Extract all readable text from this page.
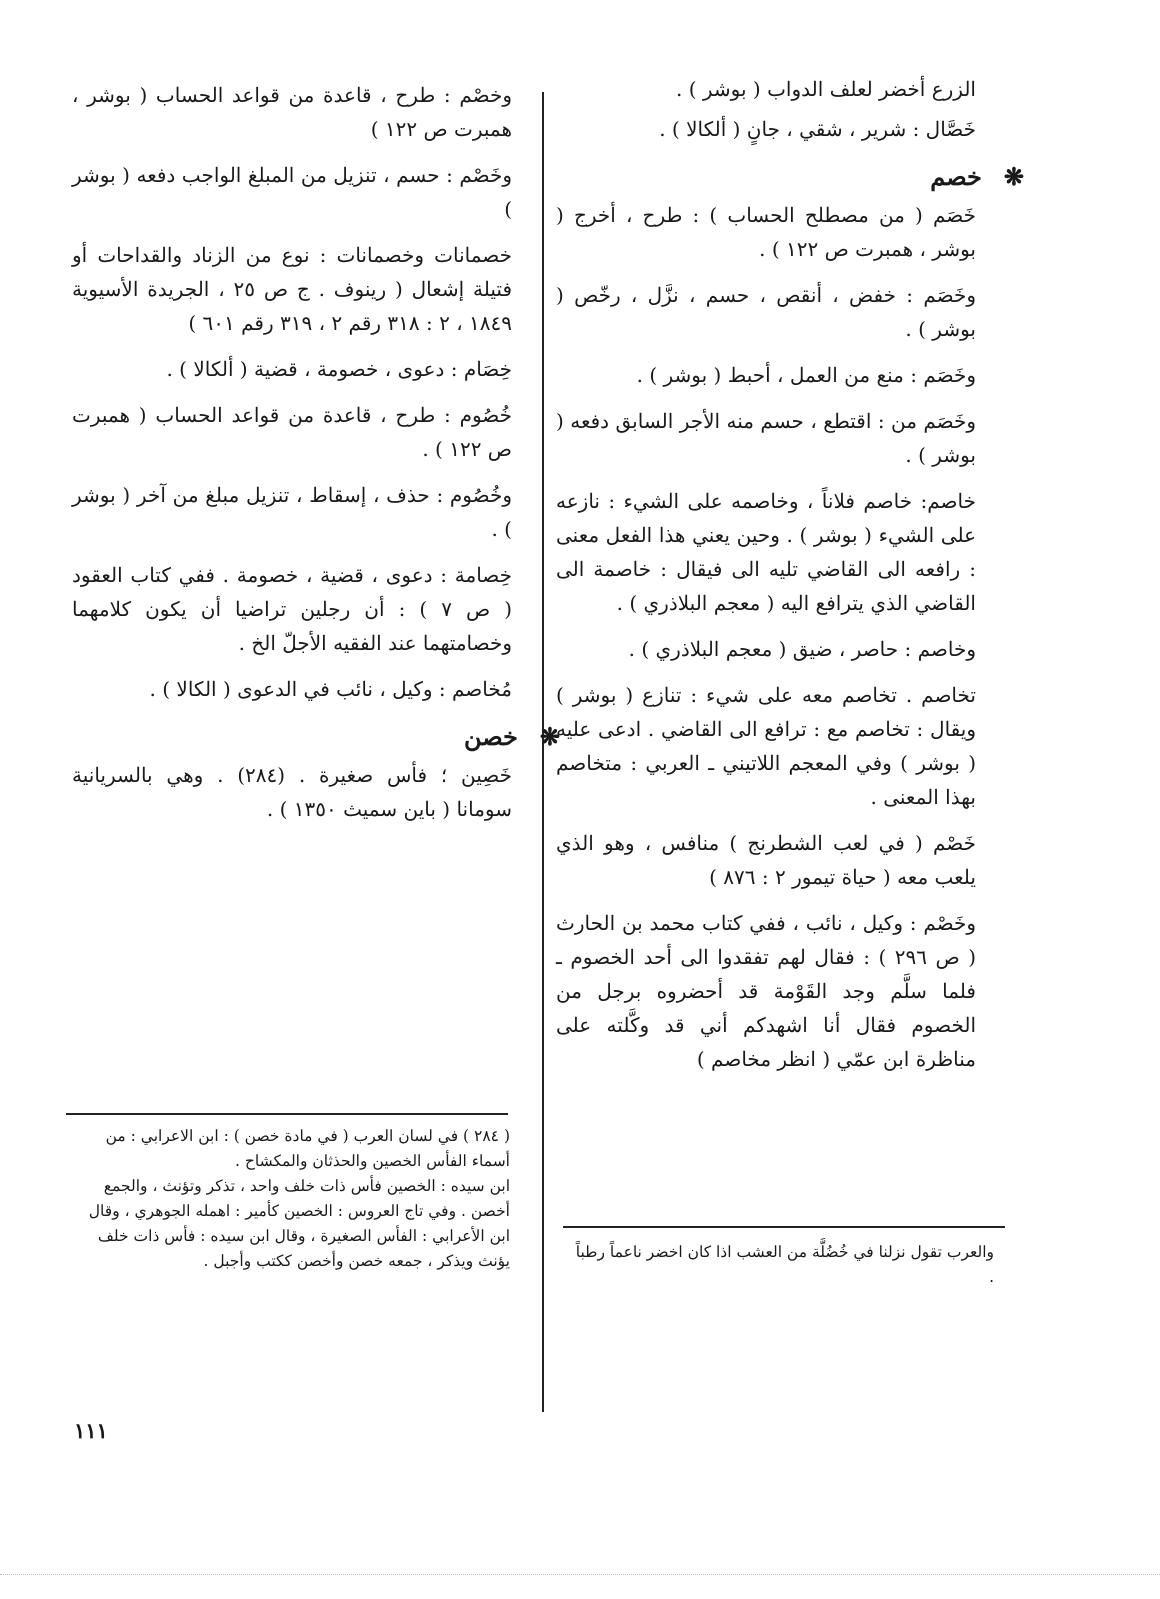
الزرع أخضر لعلف الدواب ( بوشر ) .

خَصَّال : شرير ، شقي ، جانٍ ( ألكالا ) .

❋
خصم

خَصَم ( من مصطلح الحساب ) : طرح ، أخرج ( بوشر ، همبرت ص ١٢٢ ) .

وخَصَم : خفض ، أنقص ، حسم ، نزَّل ، رخّص ( بوشر ) .

وخَصَم : منع من العمل ، أحبط ( بوشر ) .

وخَصَم من : اقتطع ، حسم منه الأجر السابق دفعه ( بوشر ) .

خاصم: خاصم فلاناً ، وخاصمه على الشيء : نازعه على الشيء ( بوشر ) . وحين يعني هذا الفعل معنى : رافعه الى القاضي تليه الى فيقال : خاصمة الى القاضي الذي يترافع اليه ( معجم البلاذري ) .

وخاصم : حاصر ، ضيق ( معجم البلاذري ) .

تخاصم . تخاصم معه على شيء : تنازع ( بوشر ) ويقال : تخاصم مع : ترافع الى القاضي . ادعى عليه ( بوشر ) وفي المعجم اللاتيني ـ العربي : متخاصم بهذا المعنى .

خَصْم ( في لعب الشطرنج ) منافس ، وهو الذي يلعب معه ( حياة تيمور ٢ : ٨٧٦ )

وخَصْم : وكيل ، نائب ، ففي كتاب محمد بن الحارث ( ص ٢٩٦ ) : فقال لهم تفقدوا الى أحد الخصوم ـ فلما سلَّم وجد القَوْمة قد أحضروه برجل من الخصوم فقال أنا اشهدكم أني قد وكَّلته على مناظرة ابن عمّي ( انظر مخاصم )

وخصْم : طرح ، قاعدة من قواعد الحساب ( بوشر ، همبرت ص ١٢٢ )

وخَصْم : حسم ، تنزيل من المبلغ الواجب دفعه ( بوشر )

خصمانات وخصمانات : نوع من الزناد والقداحات أو فتيلة إشعال ( رينوف . ج ص ٢٥ ، الجريدة الأسيوية ١٨٤٩ ، ٢ : ٣١٨ رقم ٢ ، ٣١٩ رقم ٦٠١ )

خِصَام : دعوى ، خصومة ، قضية ( ألكالا ) .

خُصُوم : طرح ، قاعدة من قواعد الحساب ( همبرت ص ١٢٢ ) .

وخُصُوم : حذف ، إسقاط ، تنزيل مبلغ من آخر ( بوشر ) .

خِصامة : دعوى ، قضية ، خصومة . ففي كتاب العقود ( ص ٧ ) : أن رجلين تراضيا أن يكون كلامهما وخصامتهما عند الفقيه الأجلّ الخ .

مُخاصم : وكيل ، نائب في الدعوى ( الكالا ) .

❋
خصن

خَصِين ؛ فأس صغيرة . (٢٨٤) . وهي بالسريانية سومانا ( باين سميث ١٣٥٠ ) .

( ٢٨٤ ) في لسان العرب ( في مادة خصن ) : ابن الاعرابي : من أسماء الفأس الخصين والحذثان والمكشاح .
ابن سيده : الخصين فأس ذات خلف واحد ، تذكر وتؤنث ، والجمع أخصن . وفي تاج العروس : الخصين كأمير : اهمله الجوهري ، وقال ابن الأعرابي : الفأس الصغيرة ، وقال ابن سيده : فأس ذات خلف يؤنث ويذكر ، جمعه خصن وأخصن ككتب وأجبل .	والعرب تقول نزلنا في خُضُلَّة من العشب اذا كان اخضر ناعماً رطباً .
١١١
